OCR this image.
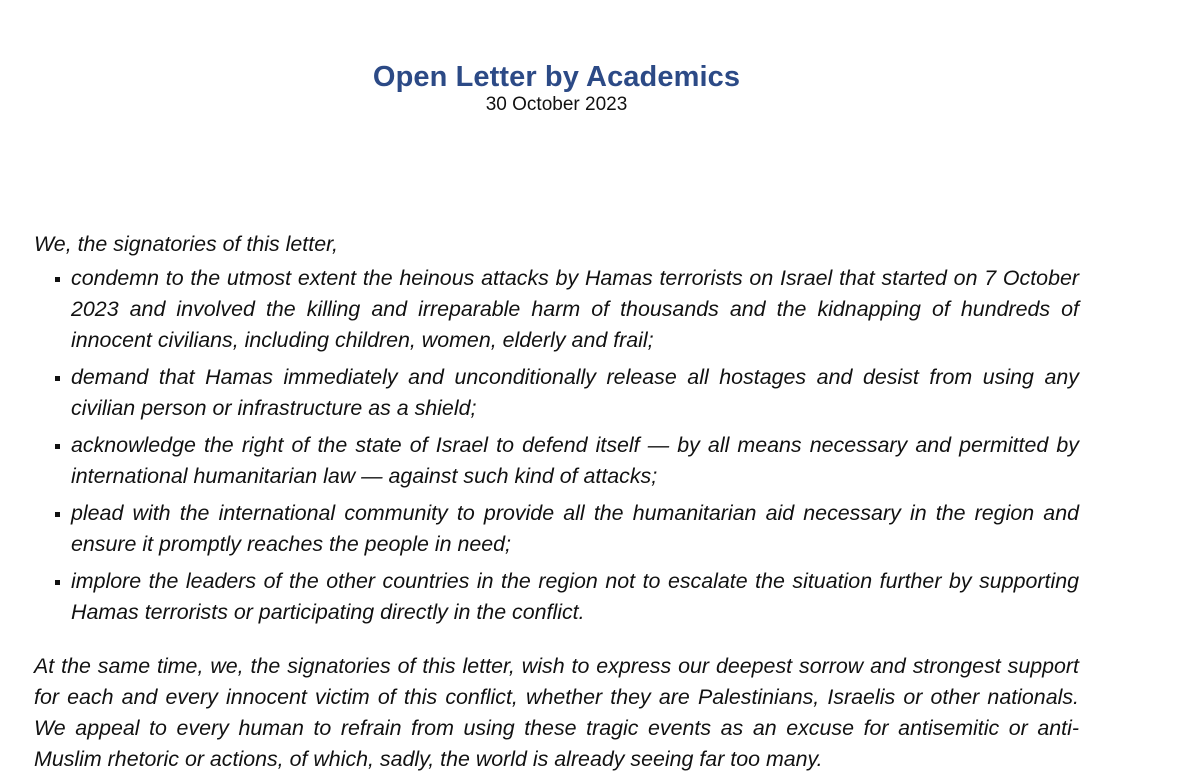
Open Letter by Academics
30 October 2023

We, the signatories of this letter,

condemn to the utmost extent the heinous attacks by Hamas terrorists on Israel that started on 7 October 2023 and involved the killing and irreparable harm of thousands and the kidnapping of hundreds of innocent civilians, including children, women, elderly and frail;
demand that Hamas immediately and unconditionally release all hostages and desist from using any civilian person or infrastructure as a shield;
acknowledge the right of the state of Israel to defend itself — by all means necessary and permitted by international humanitarian law — against such kind of attacks;
plead with the international community to provide all the humanitarian aid necessary in the region and ensure it promptly reaches the people in need;
implore the leaders of the other countries in the region not to escalate the situation further by supporting Hamas terrorists or participating directly in the conflict.

At the same time, we, the signatories of this letter, wish to express our deepest sorrow and strongest support for each and every innocent victim of this conflict, whether they are Palestinians, Israelis or other nationals. We appeal to every human to refrain from using these tragic events as an excuse for antisemitic or anti-Muslim rhetoric or actions, of which, sadly, the world is already seeing far too many.
